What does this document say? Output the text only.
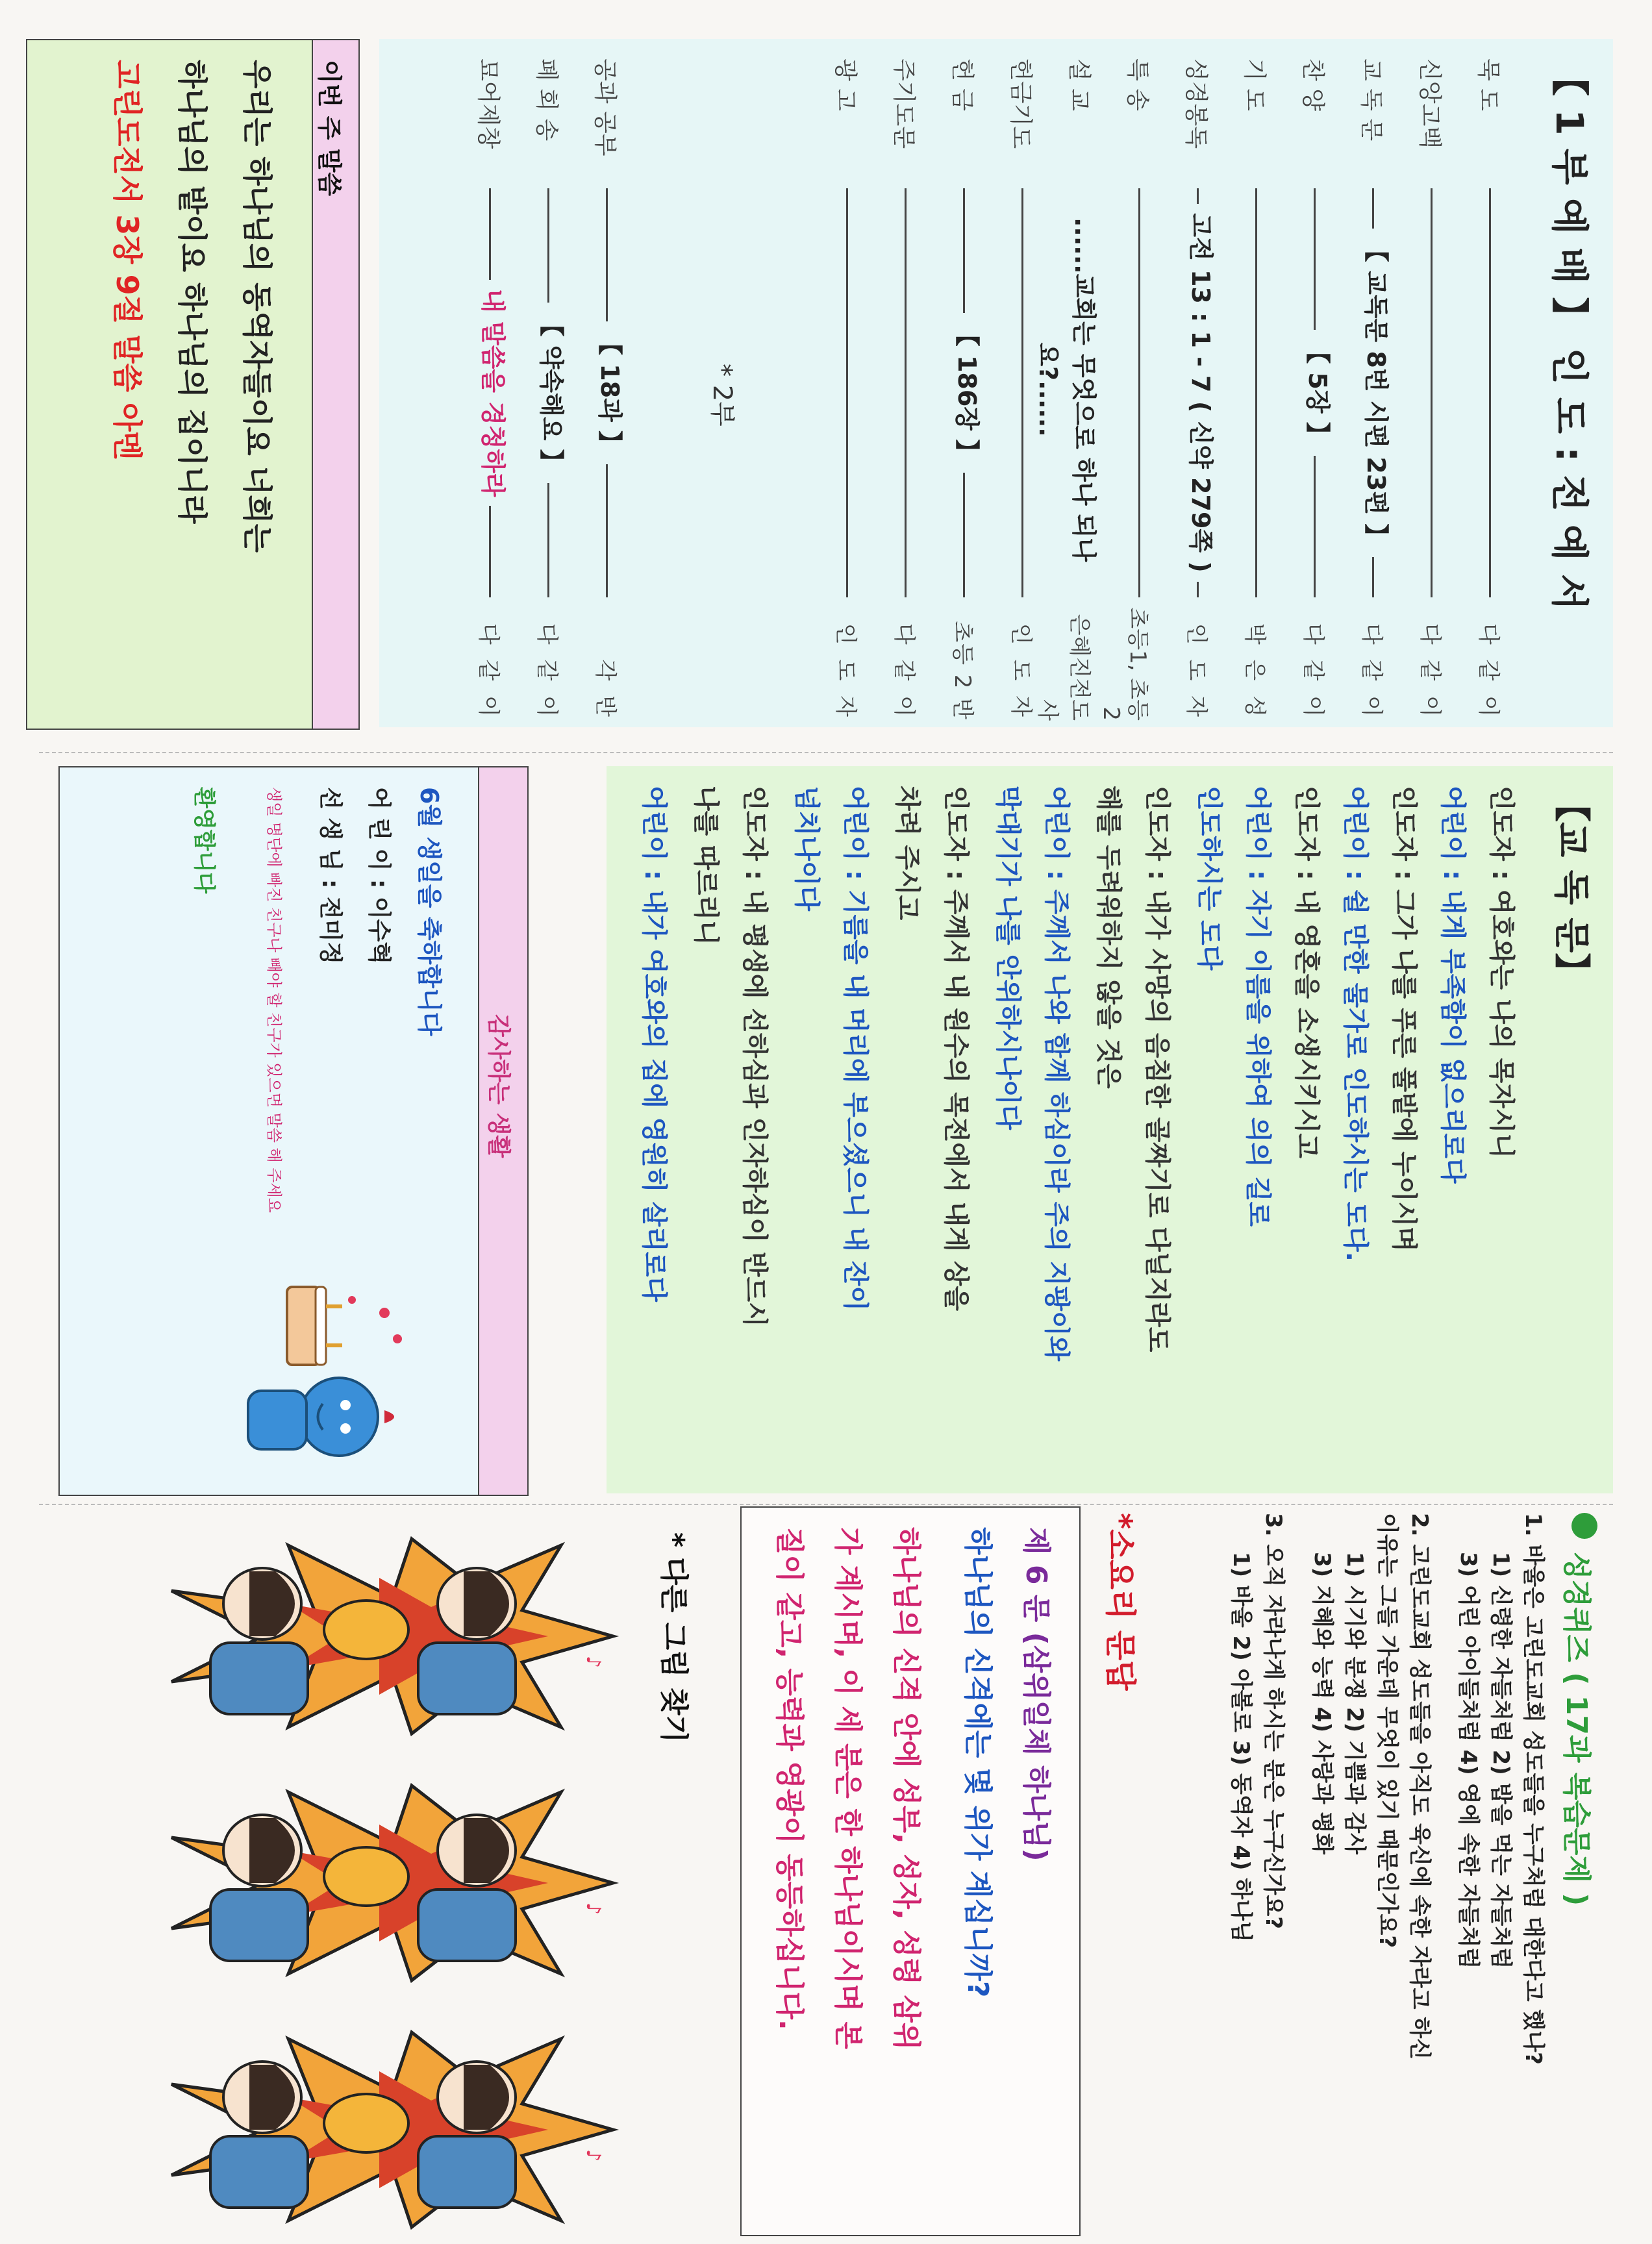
【 1 부 예 배 】 인 도 : 전 예 서
묵 도
다 같 이
신앙고백
다 같 이
교 독 문
【 교독문 8번 시편 23편 】
다 같 이
찬 양
【 5장 】
다 같 이
기 도
박 은 성
성경봉독
고전 13 : 1 - 7 ( 신약 279쪽 )
인 도 자
특 송
초등1, 초등2
설 교
......교회는 무엇으로 하나 되나요?......
은혜진전도사
헌금기도
인 도 자
헌 금
【 186장 】
초등 2 반
주기도문
다 같 이
광 고
인 도 자
* 2부
공과 공부
【 18과 】
각 반
폐 회 송
【 약속해요 】
다 같 이
묘어제창
내 말씀을 경청하라
다 같 이
이번 주 말씀
우리는 하나님의 동역자들이요 너희는
하나님의 밭이요 하나님의 집이니라
고린도전서 3장 9절 말씀 아멘
【교 독 문】
인도자 : 여호와는 나의 목자시니
어린이 : 내게 부족함이 없으리로다
인도자 : 그가 나를 푸른 풀밭에 누이시며
어린이 : 쉴 만한 물가로 인도하시는 도다.
인도자 : 내 영혼을 소생시키시고
어린이 : 자기 이름을 위하여 의의 길로
인도하시는 도다
인도자 : 내가 사망의 음침한 골짜기로 다닐지라도
해를 두려워하지 않을 것은
어린이 : 주께서 나와 함께 하심이라 주의 지팡이와
막대기가 나를 안위하시나이다
인도자 : 주께서 내 원수의 목전에서 내게 상을
차려 주시고
어린이 : 기름을 내 머리에 부으셨으니 내 잔이
넘치나이다
인도자 : 내 평생에 선하심과 인자하심이 반드시
나를 따르리니
어린이 : 내가 여호와의 집에 영원히 살리로다
감사하는 생활
6월 생일을 축하합니다
어 린 이 : 이수혁
선 생 님 : 전미정
생일 명단에 빠진 친구나 빼야 할 친구가 있으면 말씀 해 주세요
환영합니다
성경퀴즈 ( 17과 복습문제 )
1. 바울은 고린도교회 성도들을 누구처럼 대한다고 했나?
1) 신령한 자들처럼 2) 밥을 먹는 자들처럼
3) 어린 아이들처럼 4) 영에 속한 자들처럼
2. 고린도교회 성도들을 아직도 육신에 속한 자라고 하신
이유는 그들 가운데 무엇이 있기 때문인가요?
1) 시기와 분쟁 2) 기쁨과 감사
3) 지혜와 능력 4) 사랑과 평화
3. 오직 자라나게 하시는 분은 누구신가요?
1) 바울 2) 아볼로 3) 동역자 4) 하나님
*소요리 문답
제 6 문 (삼위일체 하나님)
하나님의 신격에는 몇 위가 계십니까?
하나님의 신격 안에 성부, 성자, 성령 삼위
가 계시며, 이 세 분은 한 하나님이시며 본
질이 같고, 능력과 영광이 동등하십니다.
* 다른 그림 찾기
♪
♪
♪
